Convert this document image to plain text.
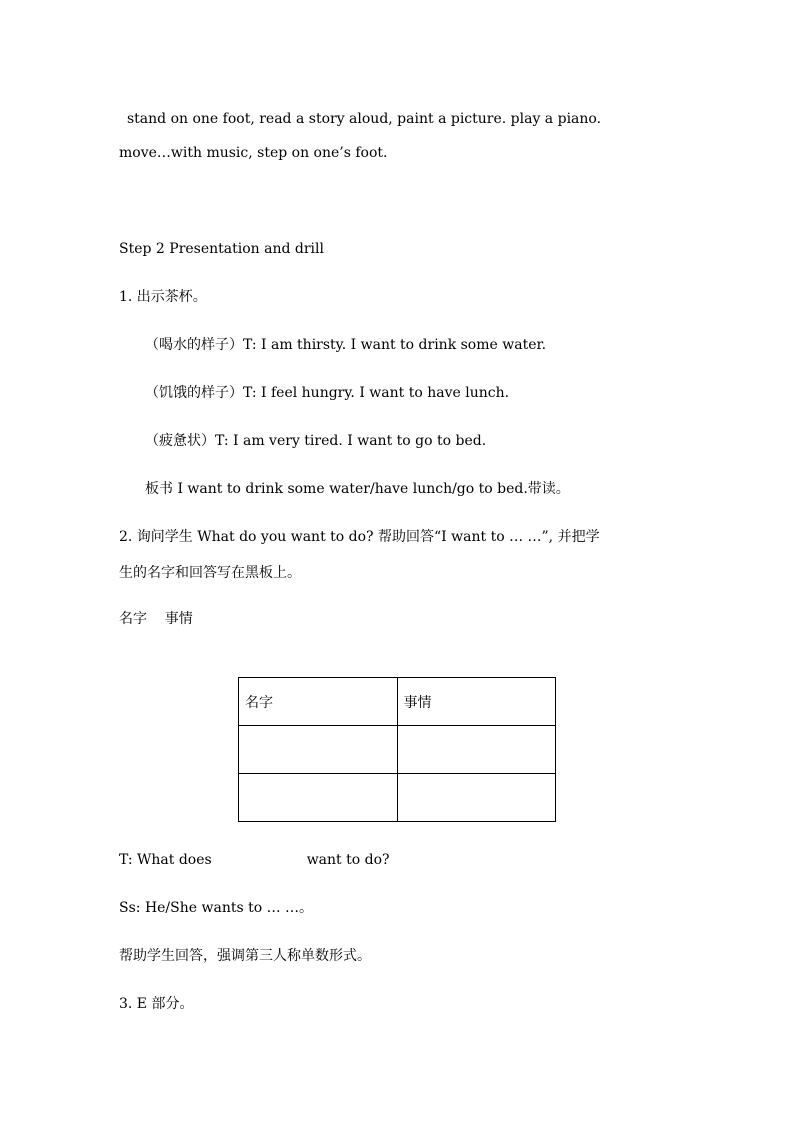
stand on one foot, read a story aloud, paint a picture. play a piano.
move…with music, step on one’s foot.
Step 2 Presentation and drill
1. 出示茶杯。
（喝水的样子）T: I am thirsty. I want to drink some water.
（饥饿的样子）T: I feel hungry. I want to have lunch.
（疲惫状）T: I am very tired. I want to go to bed.
板书 I want to drink some water/have lunch/go to bed.带读。
2. 询问学生 What do you want to do? 帮助回答“I want to … …”, 并把学
生的名字和回答写在黑板上。
名字    事情
名字	事情

T: What does	want to do?
Ss: He/She wants to … …。
帮助学生回答，强调第三人称单数形式。
3. E 部分。
